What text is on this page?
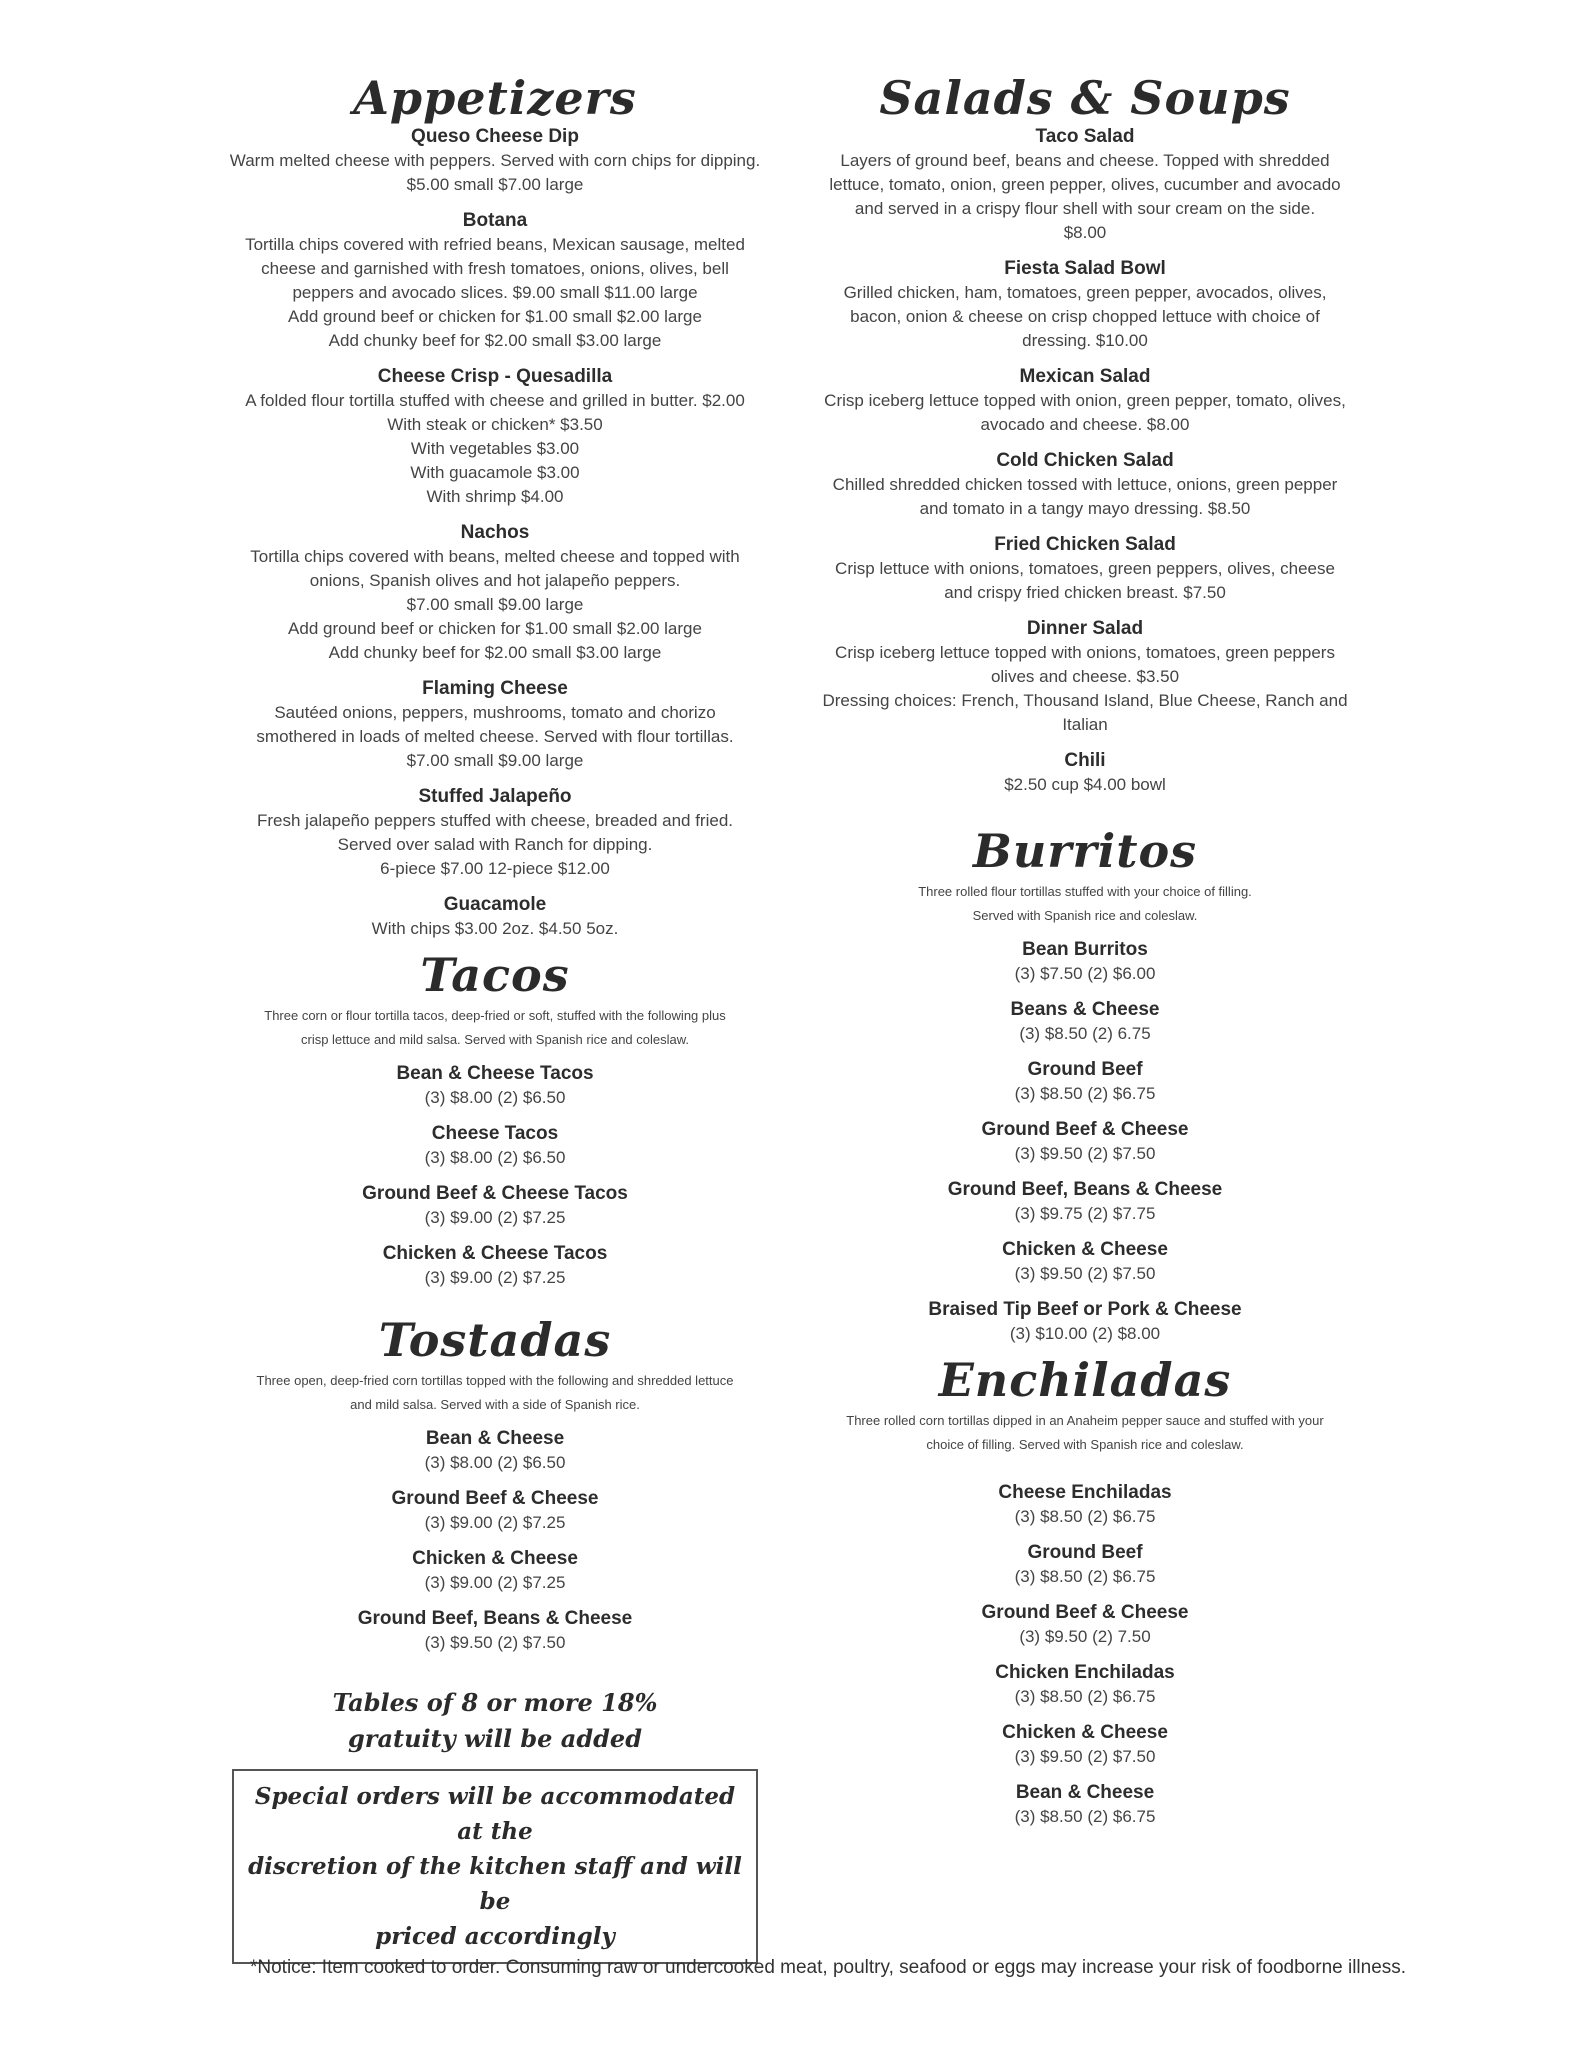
Appetizers
Queso Cheese Dip
Warm melted cheese with peppers. Served with corn chips for dipping.
$5.00 small $7.00 large
Botana
Tortilla chips covered with refried beans, Mexican sausage, melted
cheese and garnished with fresh tomatoes, onions, olives, bell
peppers and avocado slices. $9.00 small $11.00 large
Add ground beef or chicken for $1.00 small $2.00 large
Add chunky beef for $2.00 small $3.00 large
Cheese Crisp - Quesadilla
A folded flour tortilla stuffed with cheese and grilled in butter. $2.00
With steak or chicken* $3.50
With vegetables $3.00
With guacamole $3.00
With shrimp $4.00
Nachos
Tortilla chips covered with beans, melted cheese and topped with
onions, Spanish olives and hot jalapeño peppers.
$7.00 small $9.00 large
Add ground beef or chicken for $1.00 small $2.00 large
Add chunky beef for $2.00 small $3.00 large
Flaming Cheese
Sautéed onions, peppers, mushrooms, tomato and chorizo
smothered in loads of melted cheese. Served with flour tortillas.
$7.00 small $9.00 large
Stuffed Jalapeño
Fresh jalapeño peppers stuffed with cheese, breaded and fried.
Served over salad with Ranch for dipping.
6-piece $7.00 12-piece $12.00
Guacamole
With chips $3.00 2oz. $4.50 5oz.
Tacos
Three corn or flour tortilla tacos, deep-fried or soft, stuffed with the following plus
crisp lettuce and mild salsa. Served with Spanish rice and coleslaw.
Bean & Cheese Tacos
(3) $8.00 (2) $6.50
Cheese Tacos
(3) $8.00 (2) $6.50
Ground Beef & Cheese Tacos
(3) $9.00 (2) $7.25
Chicken & Cheese Tacos
(3) $9.00 (2) $7.25
Tostadas
Three open, deep-fried corn tortillas topped with the following and shredded lettuce
and mild salsa. Served with a side of Spanish rice.
Bean & Cheese
(3) $8.00 (2) $6.50
Ground Beef & Cheese
(3) $9.00 (2) $7.25
Chicken & Cheese
(3) $9.00 (2) $7.25
Ground Beef, Beans & Cheese
(3) $9.50 (2) $7.50
Tables of 8 or more 18%
gratuity will be added
Special orders will be accommodated at the
discretion of the kitchen staff and will be
priced accordingly
Salads & Soups
Taco Salad
Layers of ground beef, beans and cheese. Topped with shredded
lettuce, tomato, onion, green pepper, olives, cucumber and avocado
and served in a crispy flour shell with sour cream on the side.
$8.00
Fiesta Salad Bowl
Grilled chicken, ham, tomatoes, green pepper, avocados, olives,
bacon, onion & cheese on crisp chopped lettuce with choice of
dressing. $10.00
Mexican Salad
Crisp iceberg lettuce topped with onion, green pepper, tomato, olives,
avocado and cheese. $8.00
Cold Chicken Salad
Chilled shredded chicken tossed with lettuce, onions, green pepper
and tomato in a tangy mayo dressing. $8.50
Fried Chicken Salad
Crisp lettuce with onions, tomatoes, green peppers, olives, cheese
and crispy fried chicken breast. $7.50
Dinner Salad
Crisp iceberg lettuce topped with onions, tomatoes, green peppers
olives and cheese. $3.50
Dressing choices: French, Thousand Island, Blue Cheese, Ranch and
Italian
Chili
$2.50 cup $4.00 bowl
Burritos
Three rolled flour tortillas stuffed with your choice of filling.
Served with Spanish rice and coleslaw.
Bean Burritos
(3) $7.50 (2) $6.00
Beans & Cheese
(3) $8.50 (2) 6.75
Ground Beef
(3) $8.50 (2) $6.75
Ground Beef & Cheese
(3) $9.50 (2) $7.50
Ground Beef, Beans & Cheese
(3) $9.75 (2) $7.75
Chicken & Cheese
(3) $9.50 (2) $7.50
Braised Tip Beef or Pork & Cheese
(3) $10.00 (2) $8.00
Enchiladas
Three rolled corn tortillas dipped in an Anaheim pepper sauce and stuffed with your
choice of filling. Served with Spanish rice and coleslaw.
Cheese Enchiladas
(3) $8.50 (2) $6.75
Ground Beef
(3) $8.50 (2) $6.75
Ground Beef & Cheese
(3) $9.50 (2) 7.50
Chicken Enchiladas
(3) $8.50 (2) $6.75
Chicken & Cheese
(3) $9.50 (2) $7.50
Bean & Cheese
(3) $8.50 (2) $6.75
*Notice: Item cooked to order. Consuming raw or undercooked meat, poultry, seafood or eggs may increase your risk of foodborne illness.
